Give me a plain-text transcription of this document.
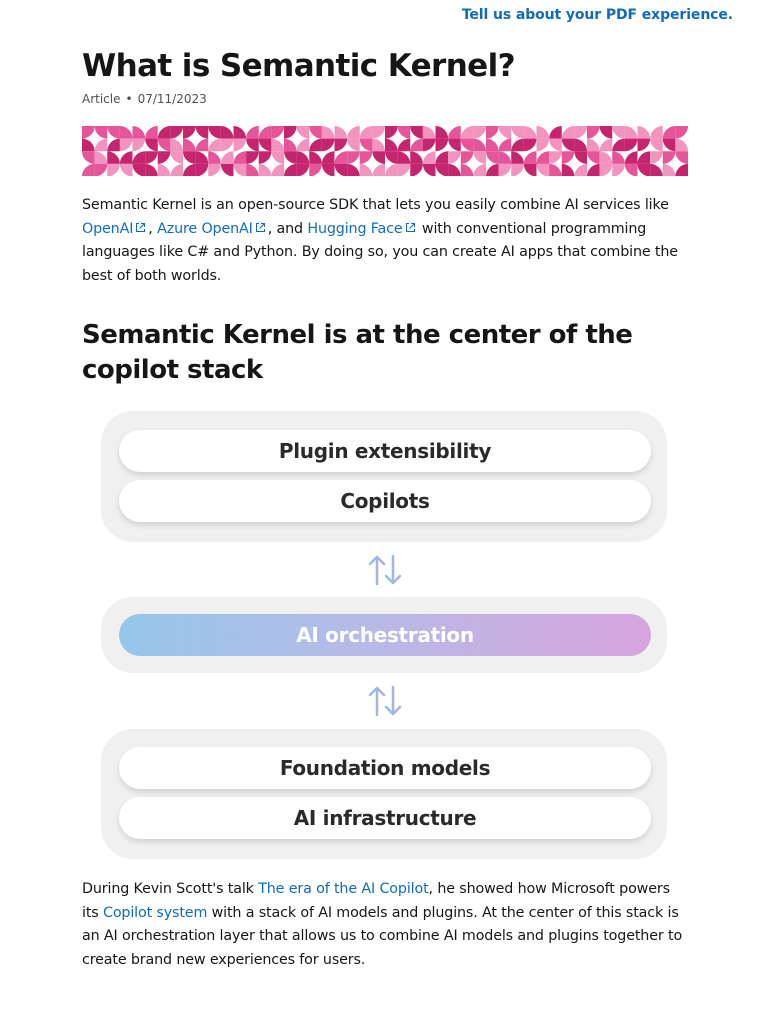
Tell us about your PDF experience.
What is Semantic Kernel?
Article • 07/11/2023

Semantic Kernel is an open-source SDK that lets you easily combine AI services like OpenAI , Azure OpenAI , and Hugging Face with conventional programming languages like C# and Python. By doing so, you can create AI apps that combine the best of both worlds.

Semantic Kernel is at the center of the copilot stack

During Kevin Scott's talk The era of the AI Copilot, he showed how Microsoft powers its Copilot system with a stack of AI models and plugins. At the center of this stack is an AI orchestration layer that allows us to combine AI models and plugins together to create brand new experiences for users.

Plugin extensibility
Copilots
AI orchestration
Foundation models
AI infrastructure
